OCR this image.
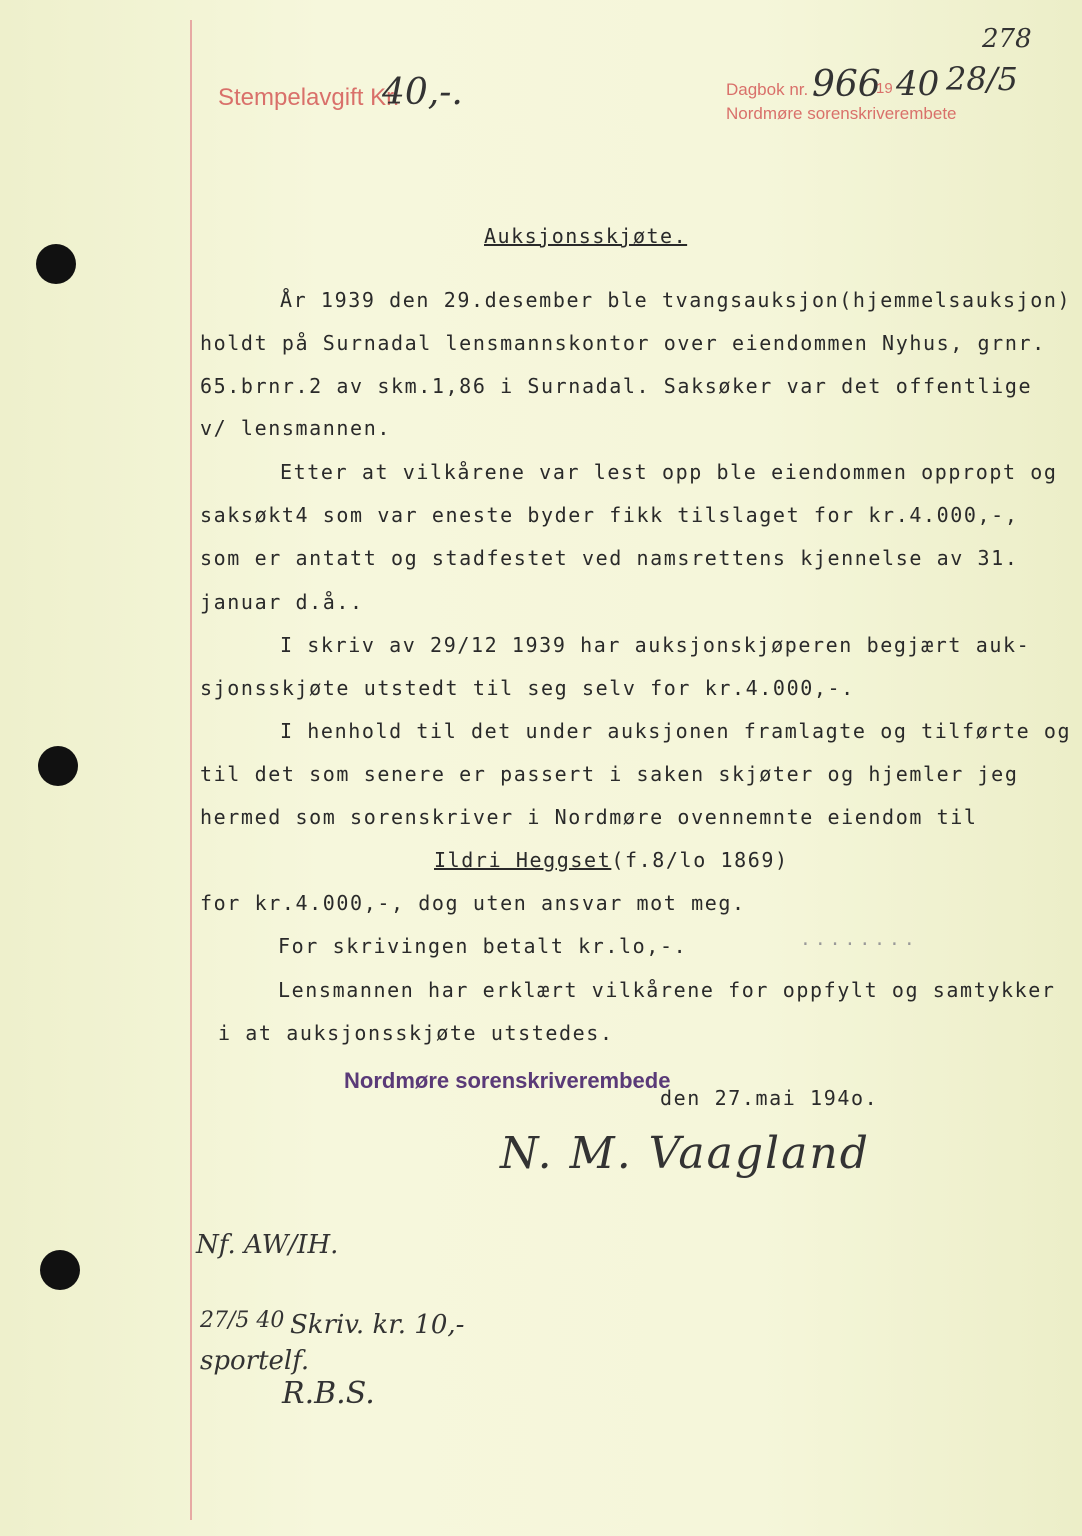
278
Stempelavgift Kr.
40,-.	Dagbok nr. 966
19 40 28/5
Nordmøre sorenskriverembete
Auksjonsskjøte.
År 1939 den 29.desember ble tvangsauksjon(hjemmelsauksjon)
holdt på Surnadal lensmannskontor over eiendommen Nyhus, grnr.
65.brnr.2 av skm.1,86 i Surnadal. Saksøker var det offentlige
v/ lensmannen.
Etter at vilkårene var lest opp ble eiendommen oppropt og
saksøkt4 som var eneste byder fikk tilslaget for kr.4.000,-,
som er antatt og stadfestet ved namsrettens kjennelse av 31.
januar d.å..
I skriv av 29/12 1939 har auksjonskjøperen begjært auk-
sjonsskjøte utstedt til seg selv for kr.4.000,-.
I henhold til det under auksjonen framlagte og tilførte og
til det som senere er passert i saken skjøter og hjemler jeg
hermed som sorenskriver i Nordmøre ovennemnte eiendom til
Ildri Heggset(f.8/lo 1869)
for kr.4.000,-, dog uten ansvar mot meg.
For skrivingen betalt kr.lo,-.
Lensmannen har erklært vilkårene for oppfylt og samtykker
i at auksjonsskjøte utstedes.
········
Nordmøre sorenskriverembede
den 27.mai 194o.
N. M. Vaagland
Nf. AW/IH.
27/5 40 Skriv. kr. 10,-
sportelf.
R.B.S.
